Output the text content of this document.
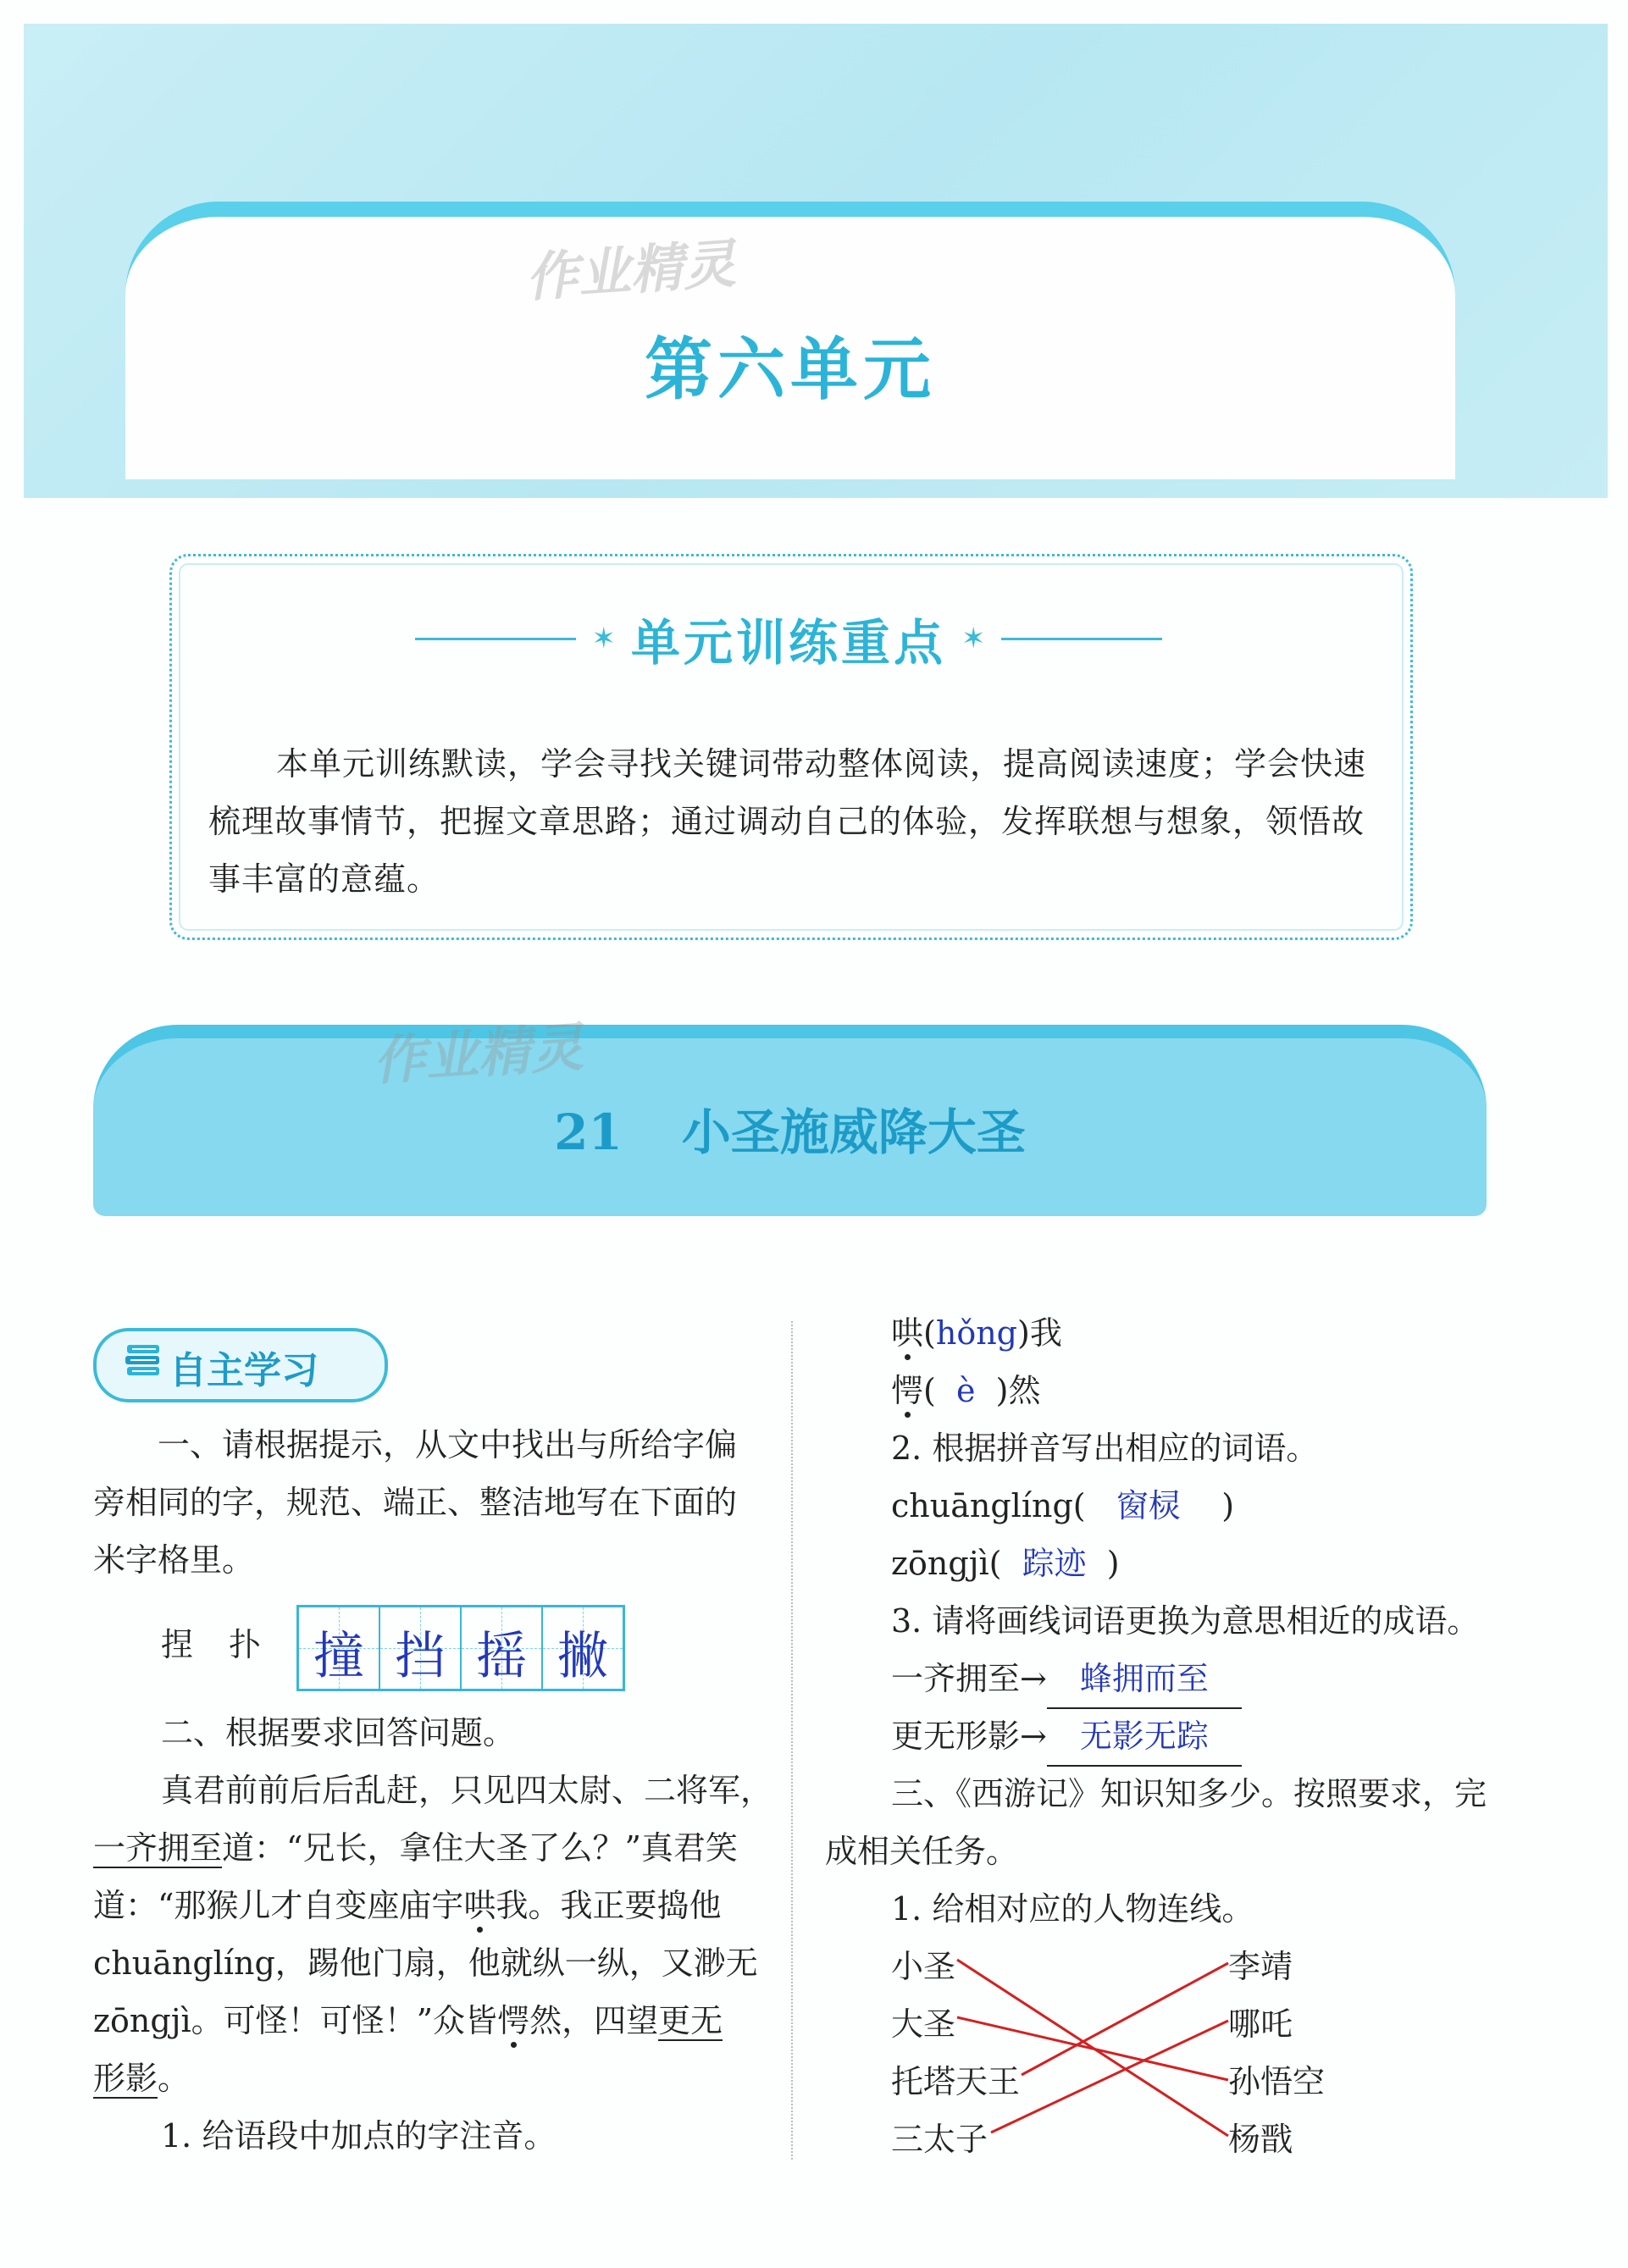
第六单元
作业精灵
✶ 单元训练重点 ✶
本单元训练默读，学会寻找关键词带动整体阅读，提高阅读速度；学会快速梳理故事情节，把握文章思路；通过调动自己的体验，发挥联想与想象，领悟故事丰富的意蕴。
作业精灵
21 小圣施威降大圣
自主学习
一、请根据提示，从文中找出与所给字偏旁相同的字，规范、端正、整洁地写在下面的米字格里。
捏 扑 撞 挡 摇 撇
二、根据要求回答问题。
真君前前后后乱赶，只见四太尉、二将军，
一齐拥至道：“兄长，拿住大圣了么？”真君笑
道：“那猴儿才自变座庙宇哄我。我正要捣他
chuānglíng，踢他门扇，他就纵一纵，又渺无
zōngjì。可怪！可怪！”众皆愕然，四望更无
形影。
1. 给语段中加点的字注音。
哄(hǒng)我
愕(  è  )然
2. 根据拼音写出相应的词语。
chuānglíng(   窗棂    )
zōngjì(  踪迹  )
3. 请将画线词语更换为意思相近的成语。
一齐拥至→ 蜂拥而至
更无形影→ 无影无踪
三、《西游记》知识知多少。按照要求，完成相关任务。
1. 给相对应的人物连线。
小圣
大圣
托塔天王
三太子
李靖
哪吒
孙悟空
杨戬
